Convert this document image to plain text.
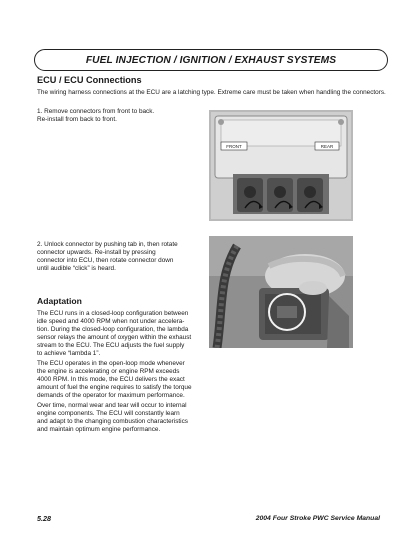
FUEL INJECTION / IGNITION / EXHAUST SYSTEMS
ECU / ECU Connections
The wiring harness connections at the ECU are a latching type. Extreme care must be taken when handling the connectors.
1. Remove connectors from front to back.
Re-install from back to front.
2. Unlock connector by pushing tab in, then rotate
connector upwards. Re-install by pressing
connector into ECU, then rotate connector down
until audible “click” is heard.
FRONT	REAR
Adaptation
The ECU runs in a closed-loop configuration between
idle speed and 4000 RPM when not under accelera-
tion. During the closed-loop configuration, the lambda
sensor relays the amount of oxygen within the exhaust
stream to the ECU. The ECU adjusts the fuel supply
to achieve “lambda 1”.
The ECU operates in the open-loop mode whenever
the engine is accelerating or engine RPM exceeds
4000 RPM. In this mode, the ECU delivers the exact
amount of fuel the engine requires to satisfy the torque
demands of the operator for maximum performance.
Over time, normal wear and tear will occur to internal
engine components. The ECU will constantly learn
and adapt to the changing combustion characteristics
and maintain optimum engine performance.
5.28	2004 Four Stroke PWC Service Manual
